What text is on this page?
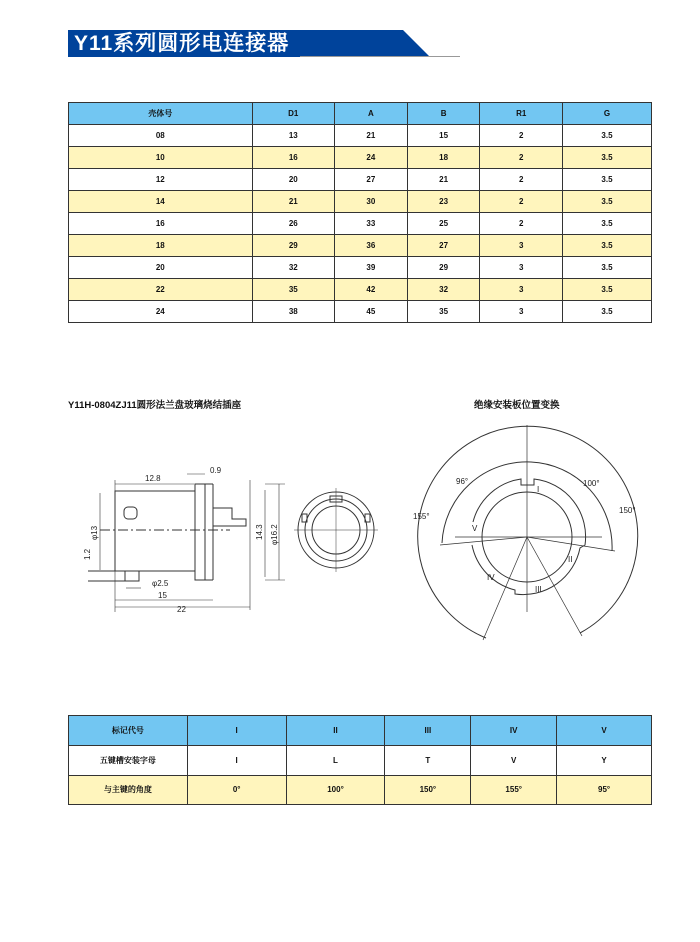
Y11系列圆形电连接器
壳体号	D1	A	B	R1	G
08	13	21	15	2	3.5
10	16	24	18	2	3.5
12	20	27	21	2	3.5
14	21	30	23	2	3.5
16	26	33	25	2	3.5
18	29	36	27	3	3.5
20	32	39	29	3	3.5
22	35	42	32	3	3.5
24	38	45	35	3	3.5
Y11H-0804ZJ11圆形法兰盘玻璃烧结插座	绝缘安装板位置变换
12.8
0.9
φ13
1.2
14.3 φ16.2
φ2.5
15
22
96°	100°
155°
150°
I
II
III
IV
V
标记代号	I	II	III	IV	V
五键槽安装字母	I	L	T	V	Y
与主键的角度	0°	100°	150°	155°	95°
